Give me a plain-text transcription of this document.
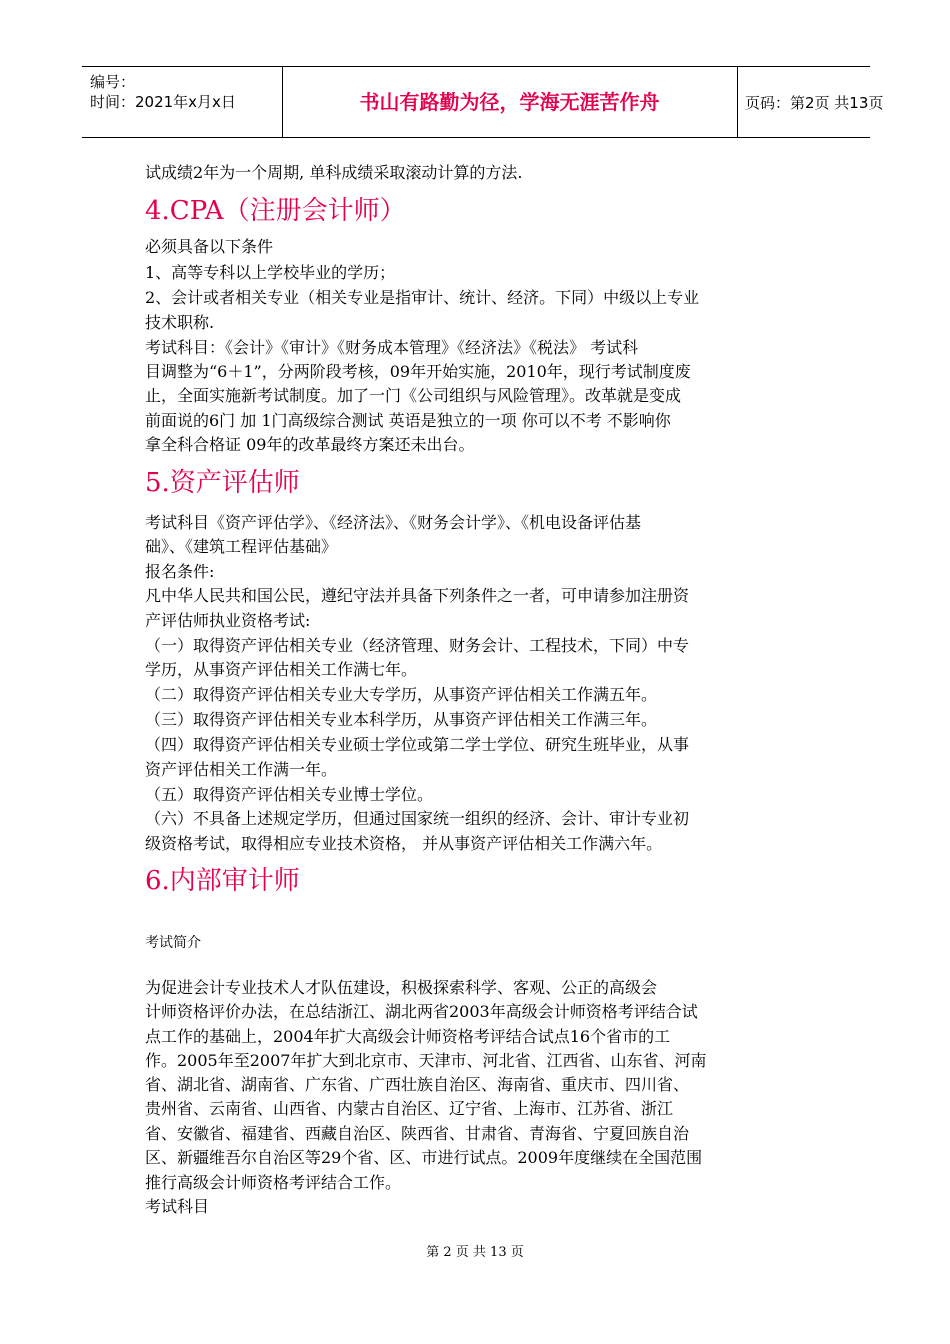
编号：
时间：2021年x月x日	书山有路勤为径，学海无涯苦作舟	页码：第2页 共13页
试成绩2年为一个周期, 单科成绩采取滚动计算的方法.
4.CPA（注册会计师）
必须具备以下条件
1、高等专科以上学校毕业的学历；
2、会计或者相关专业（相关专业是指审计、统计、经济。下同）中级以上专业
技术职称.
考试科目：《会计》《审计》《财务成本管理》《经济法》《税法》 考试科
目调整为“6＋1”，分两阶段考核，09年开始实施，2010年，现行考试制度废
止，全面实施新考试制度。加了一门《公司组织与风险管理》。改革就是变成
前面说的6门 加 1门高级综合测试 英语是独立的一项 你可以不考 不影响你
拿全科合格证 09年的改革最终方案还未出台。
5.资产评估师
考试科目《资产评估学》、《经济法》、《财务会计学》、《机电设备评估基
础》、《建筑工程评估基础》
报名条件:
凡中华人民共和国公民，遵纪守法并具备下列条件之一者，可申请参加注册资
产评估师执业资格考试:
（一）取得资产评估相关专业（经济管理、财务会计、工程技术，下同）中专
学历，从事资产评估相关工作满七年。
（二）取得资产评估相关专业大专学历，从事资产评估相关工作满五年。
（三）取得资产评估相关专业本科学历，从事资产评估相关工作满三年。
（四）取得资产评估相关专业硕士学位或第二学士学位、研究生班毕业，从事
资产评估相关工作满一年。
（五）取得资产评估相关专业博士学位。
（六）不具备上述规定学历，但通过国家统一组织的经济、会计、审计专业初
级资格考试，取得相应专业技术资格， 并从事资产评估相关工作满六年。
6.内部审计师
考试简介
为促进会计专业技术人才队伍建设，积极探索科学、客观、公正的高级会
计师资格评价办法，在总结浙江、湖北两省2003年高级会计师资格考评结合试
点工作的基础上，2004年扩大高级会计师资格考评结合试点16个省市的工
作。2005年至2007年扩大到北京市、天津市、河北省、江西省、山东省、河南
省、湖北省、湖南省、广东省、广西壮族自治区、海南省、重庆市、四川省、
贵州省、云南省、山西省、内蒙古自治区、辽宁省、上海市、江苏省、浙江
省、安徽省、福建省、西藏自治区、陕西省、甘肃省、青海省、宁夏回族自治
区、新疆维吾尔自治区等29个省、区、市进行试点。2009年度继续在全国范围
推行高级会计师资格考评结合工作。
考试科目
第 2 页 共 13 页
